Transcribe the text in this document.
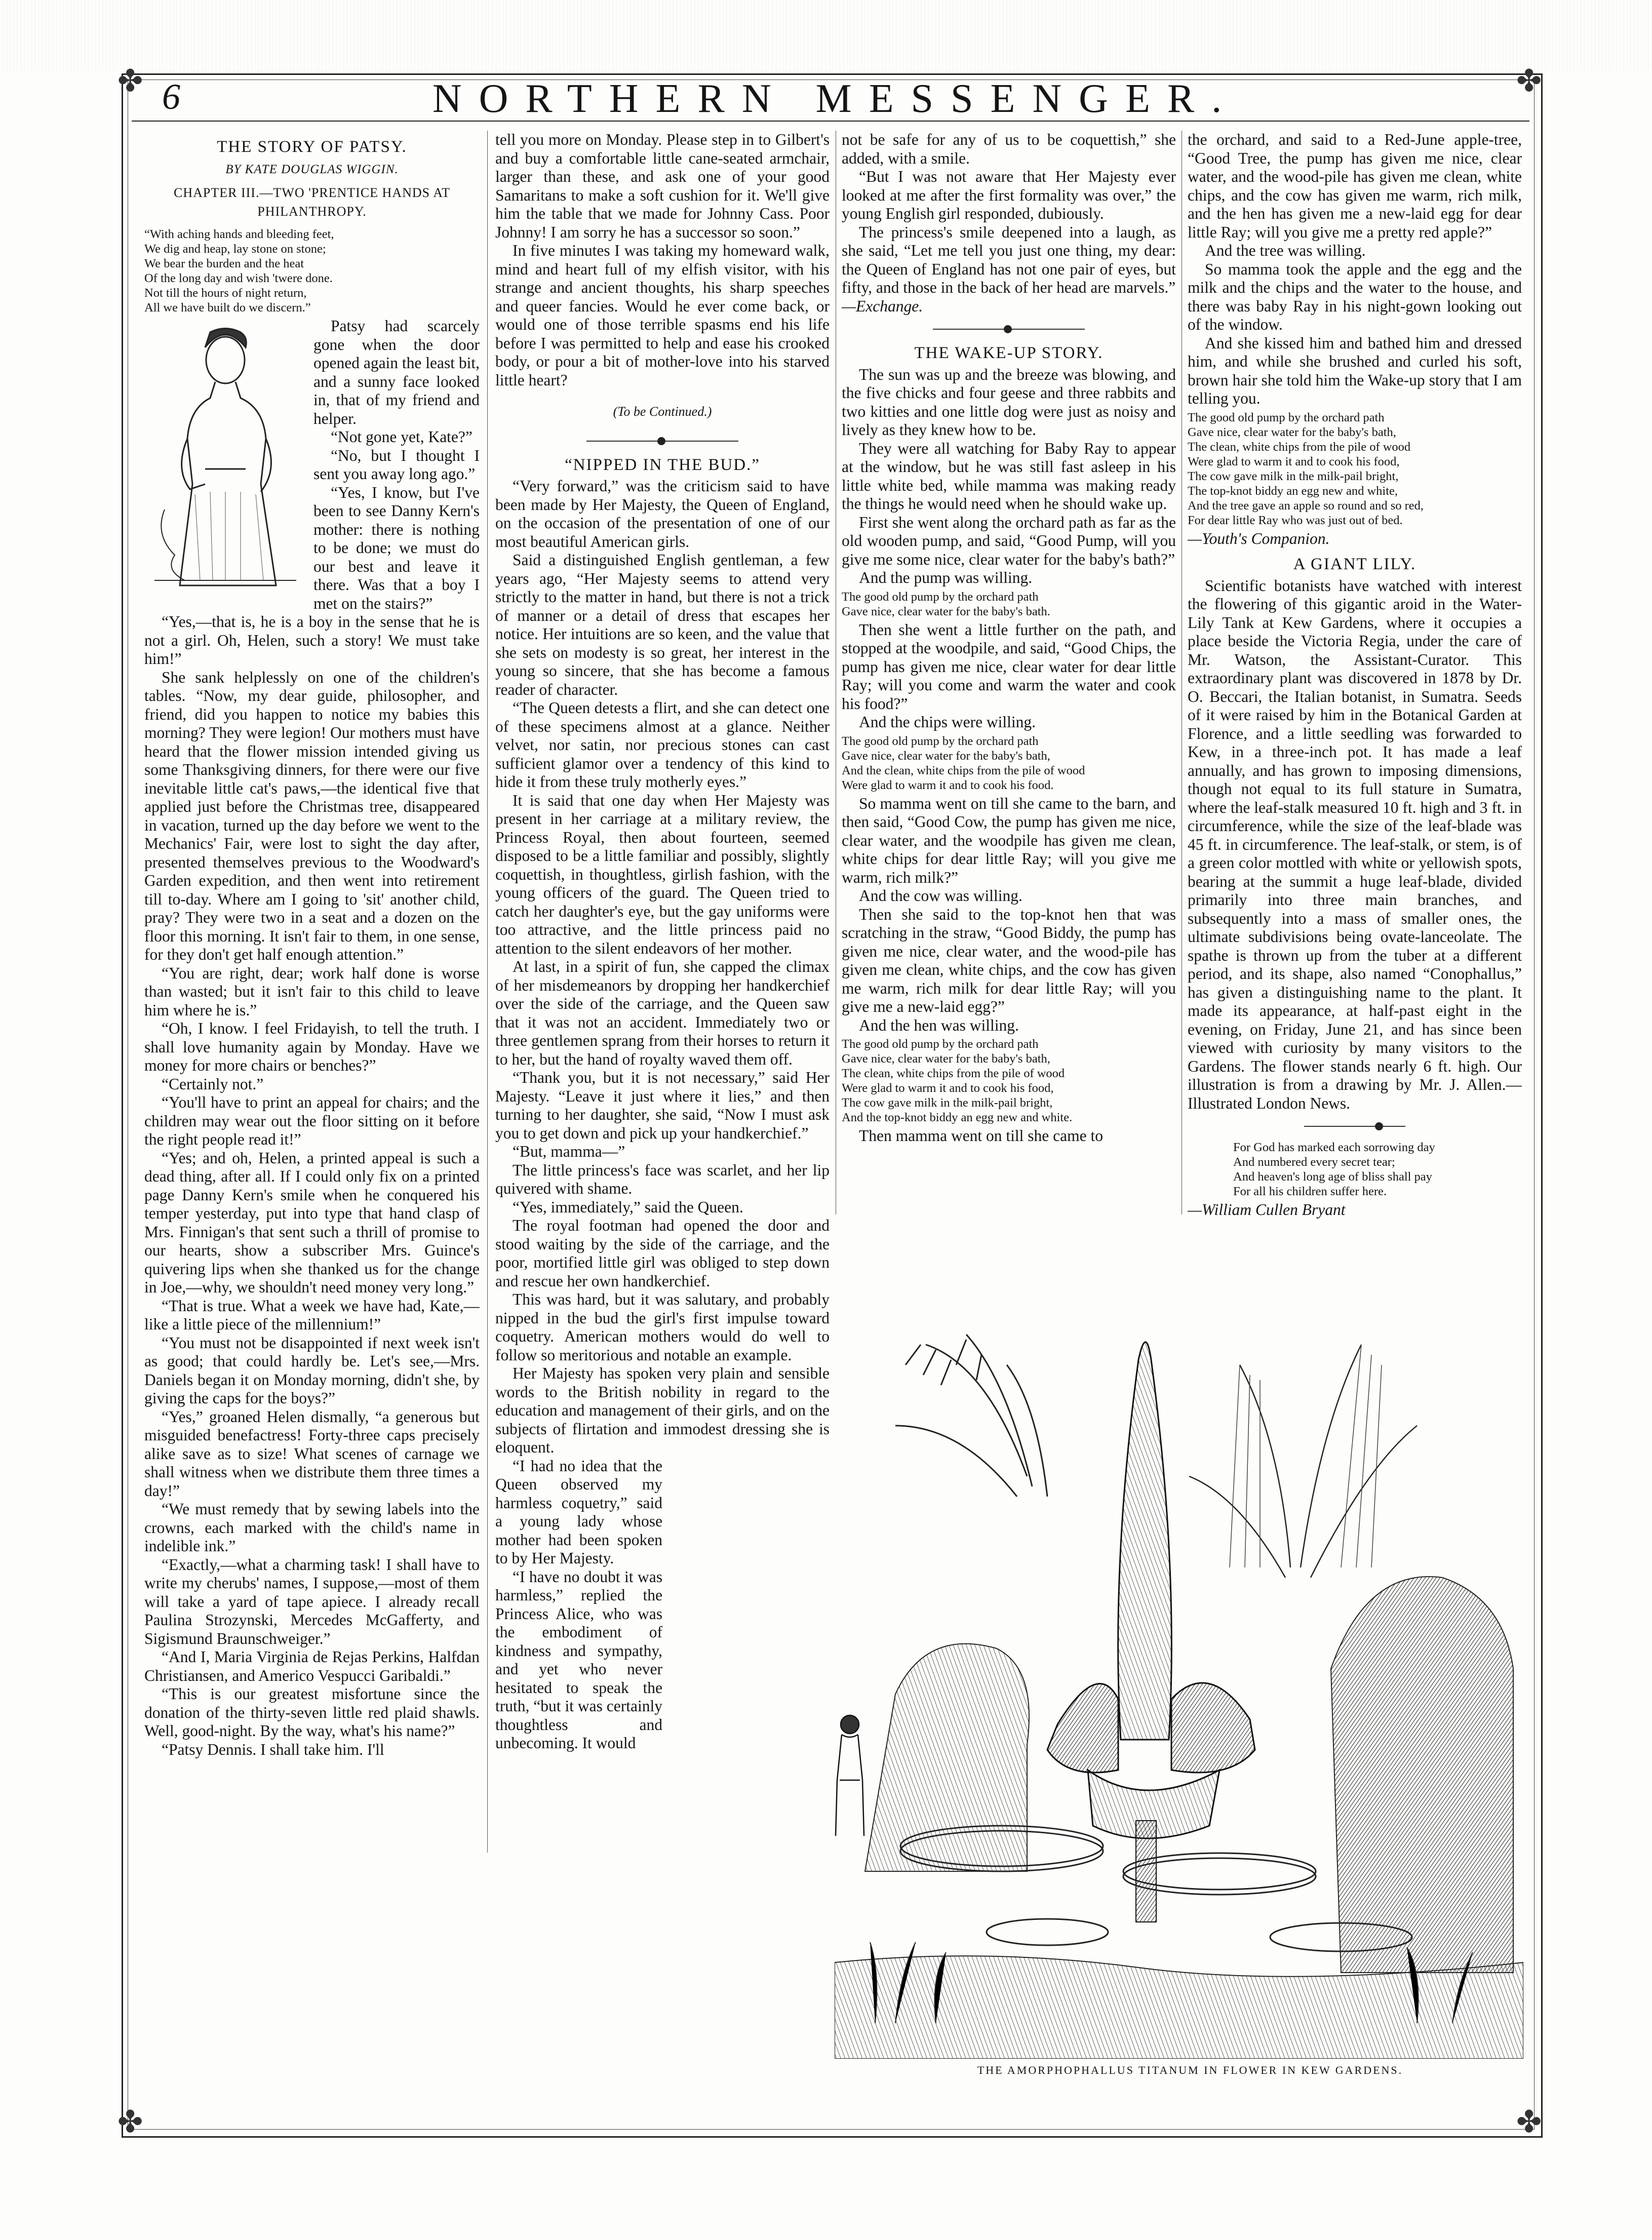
✤	✤
✤	✤
6	NORTHERN MESSENGER.
THE STORY OF PATSY.
BY KATE DOUGLAS WIGGIN.
CHAPTER III.—TWO 'PRENTICE HANDS AT PHILANTHROPY.

“With aching hands and bleeding feet,
We dig and heap, lay stone on stone;
We bear the burden and the heat
Of the long day and wish 'twere done.
Not till the hours of night return,
All we have built do we discern.”

Patsy had scarcely gone when the door opened again the least bit, and a sunny face looked in, that of my friend and helper.

“Not gone yet, Kate?”

“No, but I thought I sent you away long ago.”

“Yes, I know, but I've been to see Danny Kern's mother: there is nothing to be done; we must do our best and leave it there. Was that a boy I met on the stairs?”

“Yes,—that is, he is a boy in the sense that he is not a girl. Oh, Helen, such a story! We must take him!”

She sank helplessly on one of the children's tables. “Now, my dear guide, philosopher, and friend, did you happen to notice my babies this morning? They were legion! Our mothers must have heard that the flower mission intended giving us some Thanksgiving dinners, for there were our five inevitable little cat's paws,—the identical five that applied just before the Christmas tree, disappeared in vacation, turned up the day before we went to the Mechanics' Fair, were lost to sight the day after, presented themselves previous to the Woodward's Garden expedition, and then went into retirement till to-day. Where am I going to 'sit' another child, pray? They were two in a seat and a dozen on the floor this morning. It isn't fair to them, in one sense, for they don't get half enough attention.”

“You are right, dear; work half done is worse than wasted; but it isn't fair to this child to leave him where he is.”

“Oh, I know. I feel Fridayish, to tell the truth. I shall love humanity again by Monday. Have we money for more chairs or benches?”

“Certainly not.”

“You'll have to print an appeal for chairs; and the children may wear out the floor sitting on it before the right people read it!”

“Yes; and oh, Helen, a printed appeal is such a dead thing, after all. If I could only fix on a printed page Danny Kern's smile when he conquered his temper yesterday, put into type that hand clasp of Mrs. Finnigan's that sent such a thrill of promise to our hearts, show a subscriber Mrs. Guince's quivering lips when she thanked us for the change in Joe,—why, we shouldn't need money very long.”

“That is true. What a week we have had, Kate,—like a little piece of the millennium!”

“You must not be disappointed if next week isn't as good; that could hardly be. Let's see,—Mrs. Daniels began it on Monday morning, didn't she, by giving the caps for the boys?”

“Yes,” groaned Helen dismally, “a generous but misguided benefactress! Forty-three caps precisely alike save as to size! What scenes of carnage we shall witness when we distribute them three times a day!”

“We must remedy that by sewing labels into the crowns, each marked with the child's name in indelible ink.”

“Exactly,—what a charming task! I shall have to write my cherubs' names, I suppose,—most of them will take a yard of tape apiece. I already recall Paulina Strozynski, Mercedes McGafferty, and Sigismund Braunschweiger.”

“And I, Maria Virginia de Rejas Perkins, Halfdan Christiansen, and Americo Vespucci Garibaldi.”

“This is our greatest misfortune since the donation of the thirty-seven little red plaid shawls. Well, good-night. By the way, what's his name?”

“Patsy Dennis. I shall take him. I'll

tell you more on Monday. Please step in to Gilbert's and buy a comfortable little cane-seated armchair, larger than these, and ask one of your good Samaritans to make a soft cushion for it. We'll give him the table that we made for Johnny Cass. Poor Johnny! I am sorry he has a successor so soon.”

In five minutes I was taking my homeward walk, mind and heart full of my elfish visitor, with his strange and ancient thoughts, his sharp speeches and queer fancies. Would he ever come back, or would one of those terrible spasms end his life before I was permitted to help and ease his crooked body, or pour a bit of mother-love into his starved little heart?

(To be Continued.)
“NIPPED IN THE BUD.”

“Very forward,” was the criticism said to have been made by Her Majesty, the Queen of England, on the occasion of the presentation of one of our most beautiful American girls.

Said a distinguished English gentleman, a few years ago, “Her Majesty seems to attend very strictly to the matter in hand, but there is not a trick of manner or a detail of dress that escapes her notice. Her intuitions are so keen, and the value that she sets on modesty is so great, her interest in the young so sincere, that she has become a famous reader of character.

“The Queen detests a flirt, and she can detect one of these specimens almost at a glance. Neither velvet, nor satin, nor precious stones can cast sufficient glamor over a tendency of this kind to hide it from these truly motherly eyes.”

It is said that one day when Her Majesty was present in her carriage at a military review, the Princess Royal, then about fourteen, seemed disposed to be a little familiar and possibly, slightly coquettish, in thoughtless, girlish fashion, with the young officers of the guard. The Queen tried to catch her daughter's eye, but the gay uniforms were too attractive, and the little princess paid no attention to the silent endeavors of her mother.

At last, in a spirit of fun, she capped the climax of her misdemeanors by dropping her handkerchief over the side of the carriage, and the Queen saw that it was not an accident. Immediately two or three gentlemen sprang from their horses to return it to her, but the hand of royalty waved them off.

“Thank you, but it is not necessary,” said Her Majesty. “Leave it just where it lies,” and then turning to her daughter, she said, “Now I must ask you to get down and pick up your handkerchief.”

“But, mamma—”

The little princess's face was scarlet, and her lip quivered with shame.

“Yes, immediately,” said the Queen.

The royal footman had opened the door and stood waiting by the side of the carriage, and the poor, mortified little girl was obliged to step down and rescue her own handkerchief.

This was hard, but it was salutary, and probably nipped in the bud the girl's first impulse toward coquetry. American mothers would do well to follow so meritorious and notable an example.

Her Majesty has spoken very plain and sensible words to the British nobility in regard to the education and management of their girls, and on the subjects of flirtation and immodest dressing she is eloquent.

“I had no idea that the Queen observed my harmless coquetry,” said a young lady whose mother had been spoken to by Her Majesty.

“I have no doubt it was harmless,” replied the Princess Alice, who was the embodiment of kindness and sympathy, and yet who never hesitated to speak the truth, “but it was certainly thoughtless and unbecoming. It would

not be safe for any of us to be coquettish,” she added, with a smile.

“But I was not aware that Her Majesty ever looked at me after the first formality was over,” the young English girl responded, dubiously.

The princess's smile deepened into a laugh, as she said, “Let me tell you just one thing, my dear: the Queen of England has not one pair of eyes, but fifty, and those in the back of her head are marvels.”

—Exchange.

THE WAKE-UP STORY.

The sun was up and the breeze was blowing, and the five chicks and four geese and three rabbits and two kitties and one little dog were just as noisy and lively as they knew how to be.

They were all watching for Baby Ray to appear at the window, but he was still fast asleep in his little white bed, while mamma was making ready the things he would need when he should wake up.

First she went along the orchard path as far as the old wooden pump, and said, “Good Pump, will you give me some nice, clear water for the baby's bath?”

And the pump was willing.

The good old pump by the orchard path
Gave nice, clear water for the baby's bath.

Then she went a little further on the path, and stopped at the woodpile, and said, “Good Chips, the pump has given me nice, clear water for dear little Ray; will you come and warm the water and cook his food?”

And the chips were willing.

The good old pump by the orchard path
Gave nice, clear water for the baby's bath,
And the clean, white chips from the pile of wood
Were glad to warm it and to cook his food.

So mamma went on till she came to the barn, and then said, “Good Cow, the pump has given me nice, clear water, and the woodpile has given me clean, white chips for dear little Ray; will you give me warm, rich milk?”

And the cow was willing.

Then she said to the top-knot hen that was scratching in the straw, “Good Biddy, the pump has given me nice, clear water, and the wood-pile has given me clean, white chips, and the cow has given me warm, rich milk for dear little Ray; will you give me a new-laid egg?”

And the hen was willing.

The good old pump by the orchard path
Gave nice, clear water for the baby's bath,
The clean, white chips from the pile of wood
Were glad to warm it and to cook his food,
The cow gave milk in the milk-pail bright,
And the top-knot biddy an egg new and white.

Then mamma went on till she came to

the orchard, and said to a Red-June apple-tree, “Good Tree, the pump has given me nice, clear water, and the wood-pile has given me clean, white chips, and the cow has given me warm, rich milk, and the hen has given me a new-laid egg for dear little Ray; will you give me a pretty red apple?”

And the tree was willing.

So mamma took the apple and the egg and the milk and the chips and the water to the house, and there was baby Ray in his night-gown looking out of the window.

And she kissed him and bathed him and dressed him, and while she brushed and curled his soft, brown hair she told him the Wake-up story that I am telling you.

The good old pump by the orchard path
Gave nice, clear water for the baby's bath,
The clean, white chips from the pile of wood
Were glad to warm it and to cook his food,
The cow gave milk in the milk-pail bright,
The top-knot biddy an egg new and white,
And the tree gave an apple so round and so red,
For dear little Ray who was just out of bed.

—Youth's Companion.

A GIANT LILY.

Scientific botanists have watched with interest the flowering of this gigantic aroid in the Water-Lily Tank at Kew Gardens, where it occupies a place beside the Victoria Regia, under the care of Mr. Watson, the Assistant-Curator. This extraordinary plant was discovered in 1878 by Dr. O. Beccari, the Italian botanist, in Sumatra. Seeds of it were raised by him in the Botanical Garden at Florence, and a little seedling was forwarded to Kew, in a three-inch pot. It has made a leaf annually, and has grown to imposing dimensions, though not equal to its full stature in Sumatra, where the leaf-stalk measured 10 ft. high and 3 ft. in circumference, while the size of the leaf-blade was 45 ft. in circumference. The leaf-stalk, or stem, is of a green color mottled with white or yellowish spots, bearing at the summit a huge leaf-blade, divided primarily into three main branches, and subsequently into a mass of smaller ones, the ultimate subdivisions being ovate-lanceolate. The spathe is thrown up from the tuber at a different period, and its shape, also named “Conophallus,” has given a distinguishing name to the plant. It made its appearance, at half-past eight in the evening, on Friday, June 21, and has since been viewed with curiosity by many visitors to the Gardens. The flower stands nearly 6 ft. high. Our illustration is from a drawing by Mr. J. Allen.—Illustrated London News.

For God has marked each sorrowing day
And numbered every secret tear;
And heaven's long age of bliss shall pay
For all his children suffer here.

—William Cullen Bryant

THE AMORPHOPHALLUS TITANUM IN FLOWER IN KEW GARDENS.
